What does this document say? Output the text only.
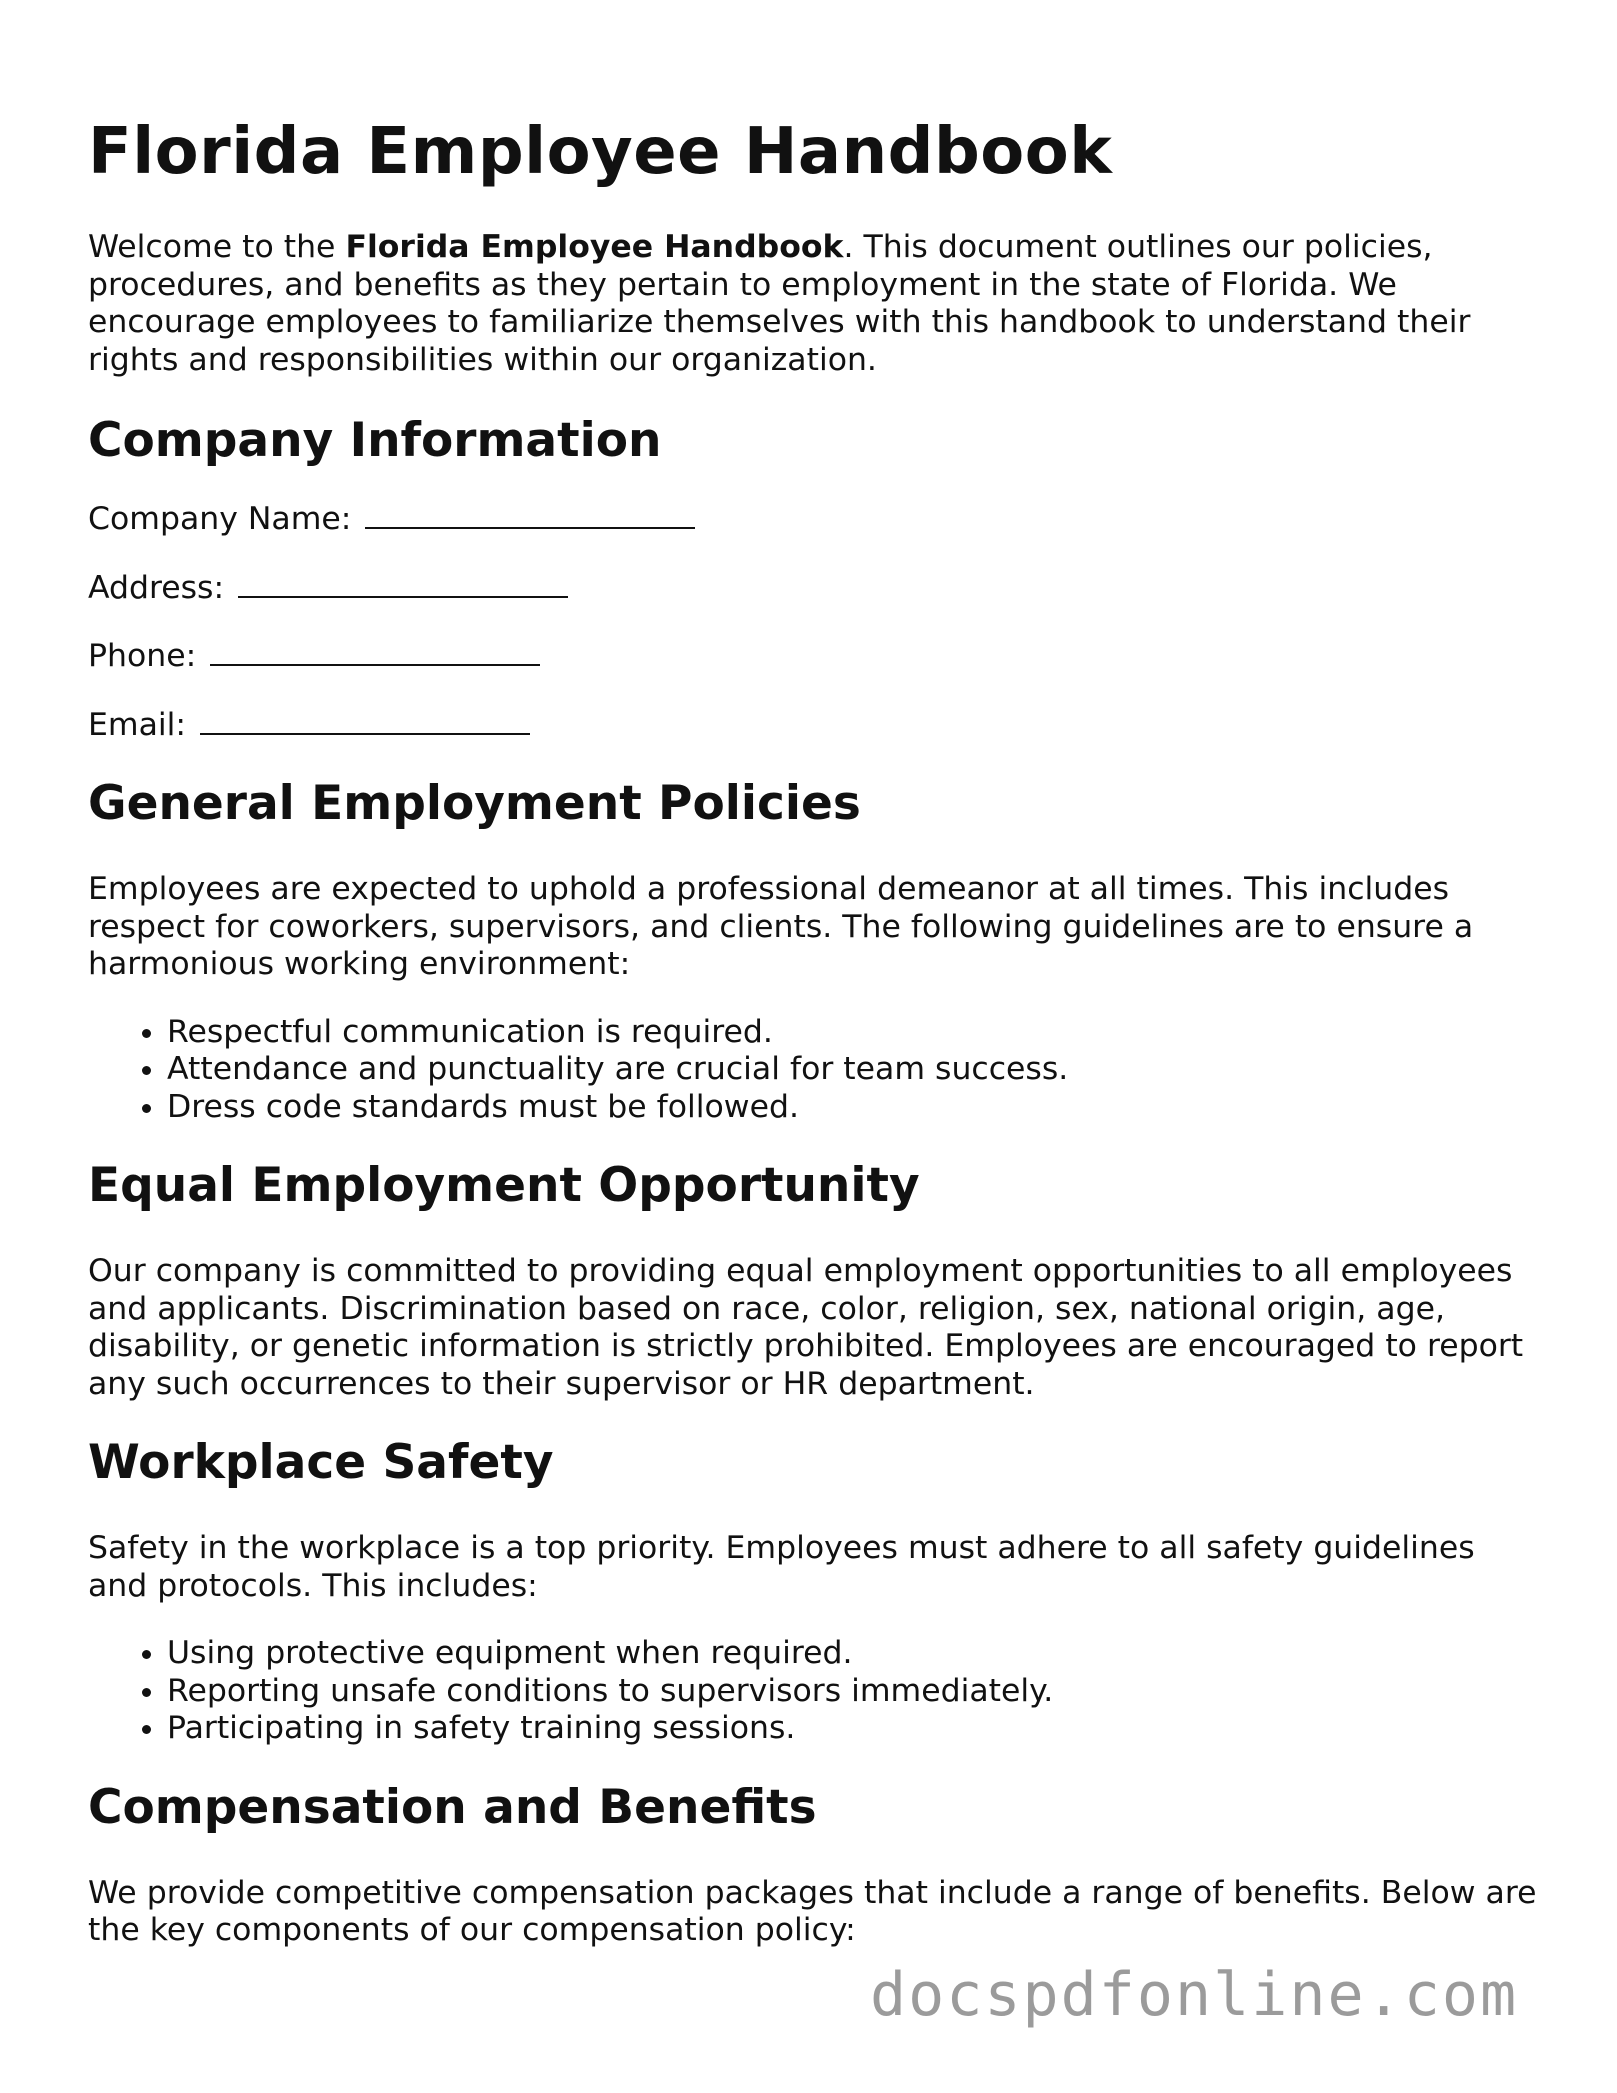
Florida Employee Handbook

Welcome to the Florida Employee Handbook. This document outlines our policies, procedures, and benefits as they pertain to employment in the state of Florida. We encourage employees to familiarize themselves with this handbook to understand their rights and responsibilities within our organization.

Company Information

Company Name:

Address:

Phone:

Email:

General Employment Policies

Employees are expected to uphold a professional demeanor at all times. This includes respect for coworkers, supervisors, and clients. The following guidelines are to ensure a harmonious working environment:

• Respectful communication is required.
• Attendance and punctuality are crucial for team success.
• Dress code standards must be followed.
Equal Employment Opportunity

Our company is committed to providing equal employment opportunities to all employees and applicants. Discrimination based on race, color, religion, sex, national origin, age, disability, or genetic information is strictly prohibited. Employees are encouraged to report any such occurrences to their supervisor or HR department.

Workplace Safety

Safety in the workplace is a top priority. Employees must adhere to all safety guidelines and protocols. This includes:

• Using protective equipment when required.
• Reporting unsafe conditions to supervisors immediately.
• Participating in safety training sessions.
Compensation and Benefits

We provide competitive compensation packages that include a range of benefits. Below are the key components of our compensation policy:

docspdfonline.com
